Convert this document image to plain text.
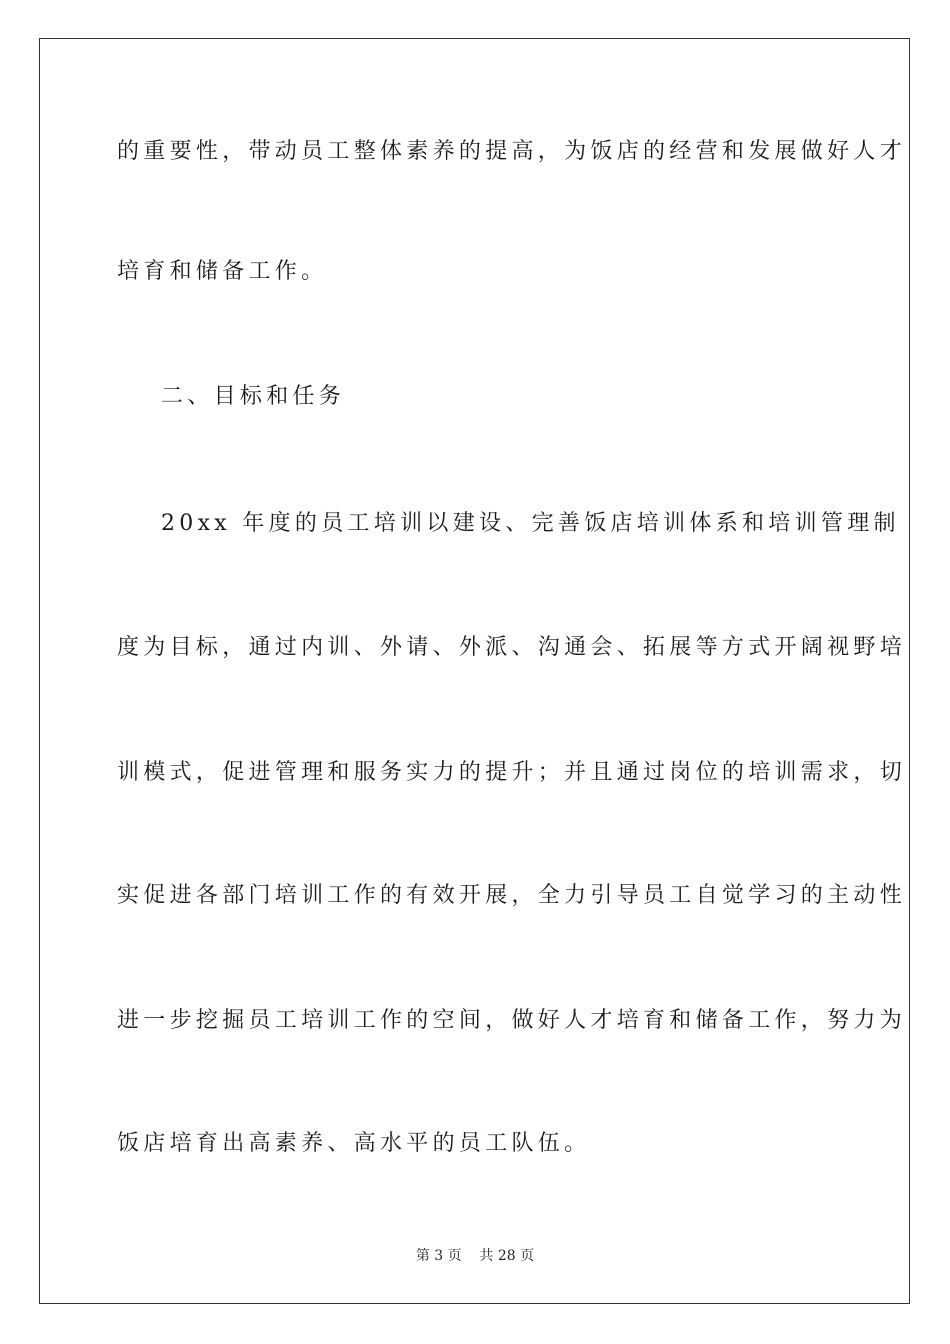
的重要性，带动员工整体素养的提高，为饭店的经营和发展做好人才
培育和储备工作。
二、目标和任务
20xx 年度的员工培训以建设、完善饭店培训体系和培训管理制
度为目标，通过内训、外请、外派、沟通会、拓展等方式开阔视野培
训模式，促进管理和服务实力的提升；并且通过岗位的培训需求，切
实促进各部门培训工作的有效开展，全力引导员工自觉学习的主动性
进一步挖掘员工培训工作的空间，做好人才培育和储备工作，努力为
饭店培育出高素养、高水平的员工队伍。
第 3 页    共 28 页
